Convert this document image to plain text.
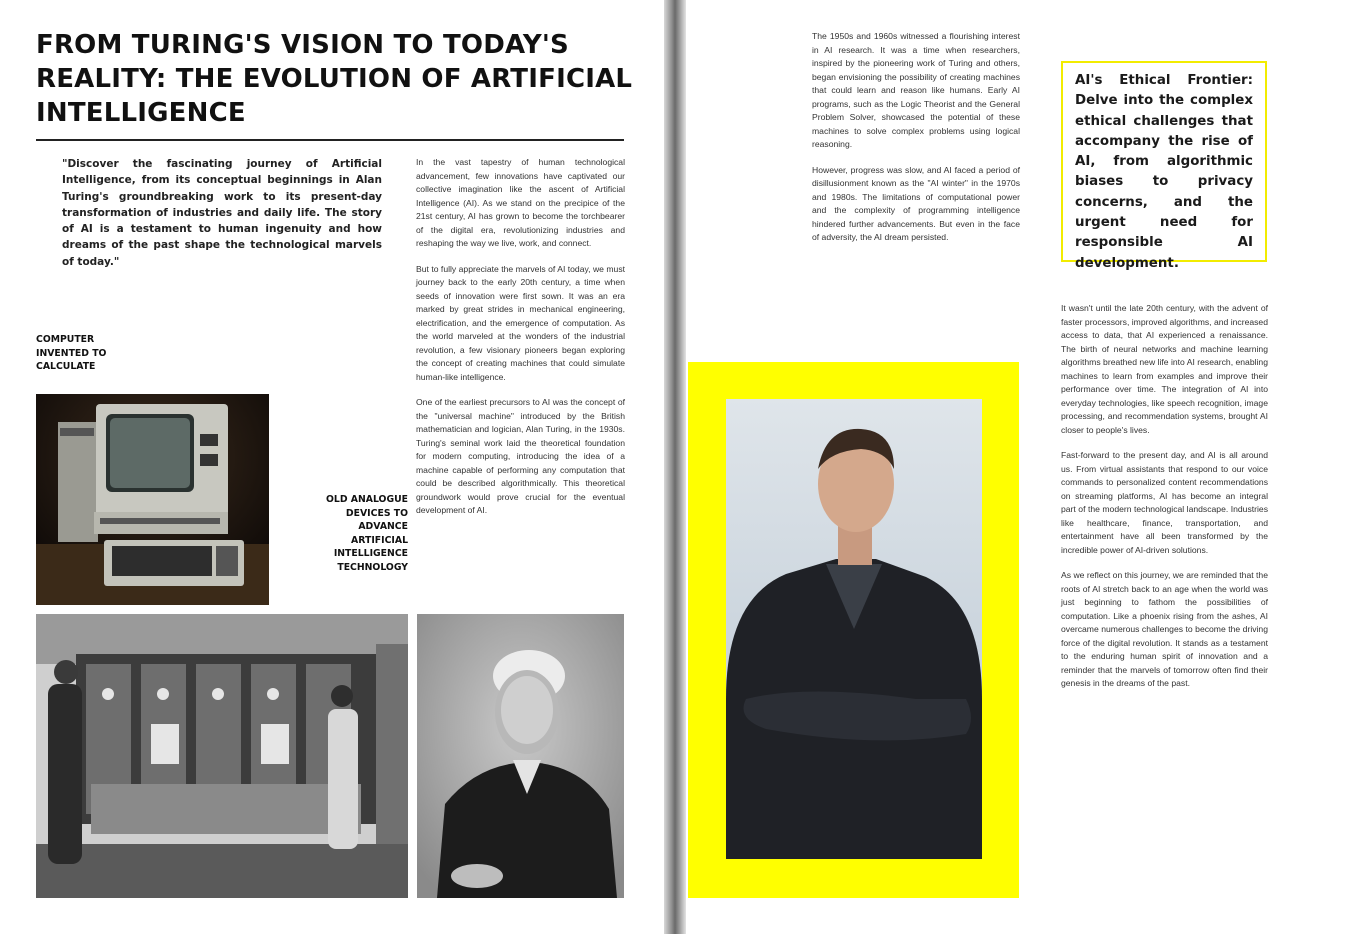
FROM TURING'S VISION TO TODAY'S REALITY: THE EVOLUTION OF ARTIFICIAL INTELLIGENCE

"Discover the fascinating journey of Artificial Intelligence, from its conceptual beginnings in Alan Turing's groundbreaking work to its present-day transformation of industries and daily life. The story of AI is a testament to human ingenuity and how dreams of the past shape the technological marvels of today."

In the vast tapestry of human technological advancement, few innovations have captivated our collective imagination like the ascent of Artificial Intelligence (AI). As we stand on the precipice of the 21st century, AI has grown to become the torchbearer of the digital era, revolutionizing industries and reshaping the way we live, work, and connect.

But to fully appreciate the marvels of AI today, we must journey back to the early 20th century, a time when seeds of innovation were first sown. It was an era marked by great strides in mechanical engineering, electrification, and the emergence of computation. As the world marveled at the wonders of the industrial revolution, a few visionary pioneers began exploring the concept of creating machines that could simulate human-like intelligence.

One of the earliest precursors to AI was the concept of the "universal machine" introduced by the British mathematician and logician, Alan Turing, in the 1930s. Turing's seminal work laid the theoretical foundation for modern computing, introducing the idea of a machine capable of performing any computation that could be described algorithmically. This theoretical groundwork would prove crucial for the eventual development of AI.

COMPUTER INVENTED TO CALCULATE

OLD ANALOGUE DEVICES TO ADVANCE ARTIFICIAL INTELLIGENCE TECHNOLOGY

The 1950s and 1960s witnessed a flourishing interest in AI research. It was a time when researchers, inspired by the pioneering work of Turing and others, began envisioning the possibility of creating machines that could learn and reason like humans. Early AI programs, such as the Logic Theorist and the General Problem Solver, showcased the potential of these machines to solve complex problems using logical reasoning.

However, progress was slow, and AI faced a period of disillusionment known as the "AI winter" in the 1970s and 1980s. The limitations of computational power and the complexity of programming intelligence hindered further advancements. But even in the face of adversity, the AI dream persisted.

AI's Ethical Frontier: Delve into the complex ethical challenges that accompany the rise of AI, from algorithmic biases to privacy concerns, and the urgent need for responsible AI development.

It wasn't until the late 20th century, with the advent of faster processors, improved algorithms, and increased access to data, that AI experienced a renaissance. The birth of neural networks and machine learning algorithms breathed new life into AI research, enabling machines to learn from examples and improve their performance over time. The integration of AI into everyday technologies, like speech recognition, image processing, and recommendation systems, brought AI closer to people's lives.

Fast-forward to the present day, and AI is all around us. From virtual assistants that respond to our voice commands to personalized content recommendations on streaming platforms, AI has become an integral part of the modern technological landscape. Industries like healthcare, finance, transportation, and entertainment have all been transformed by the incredible power of AI-driven solutions.

As we reflect on this journey, we are reminded that the roots of AI stretch back to an age when the world was just beginning to fathom the possibilities of computation. Like a phoenix rising from the ashes, AI overcame numerous challenges to become the driving force of the digital revolution. It stands as a testament to the enduring human spirit of innovation and a reminder that the marvels of tomorrow often find their genesis in the dreams of the past.
